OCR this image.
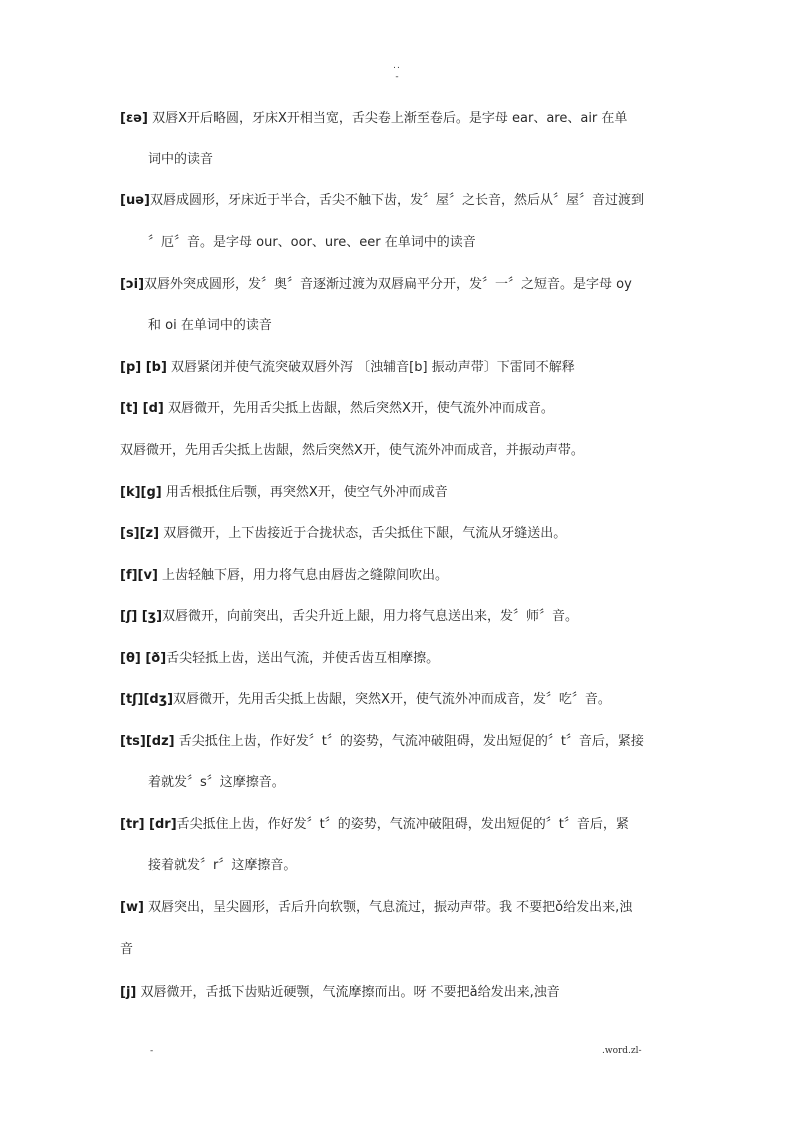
..
-
[εə] 双唇Ⅹ开后略圆，牙床Ⅹ开相当宽，舌尖卷上渐至卷后。是字母 ear、are、air 在单
词中的读音
[uə]双唇成圆形，牙床近于半合，舌尖不触下齿，发〞屋〞之长音，然后从〞屋〞音过渡到
〞厄〞音。是字母 our、oor、ure、eer 在单词中的读音
[ɔi]双唇外突成圆形，发〞奥〞音逐渐过渡为双唇扁平分开，发〞一〞之短音。是字母 oy
和 oi 在单词中的读音
[p] [b] 双唇紧闭并使气流突破双唇外泻 〔浊辅音[b] 振动声带〕下雷同不解释
[t] [d] 双唇微开，先用舌尖抵上齿龈，然后突然Ⅹ开，使气流外冲而成音。
双唇微开，先用舌尖抵上齿龈，然后突然Ⅹ开，使气流外冲而成音，并振动声带。
[k][g] 用舌根抵住后颚，再突然Ⅹ开，使空气外冲而成音
[s][z] 双唇微开，上下齿接近于合拢状态，舌尖抵住下龈，气流从牙缝送出。
[f][v] 上齿轻触下唇，用力将气息由唇齿之缝隙间吹出。
[ʃ] [ʒ]双唇微开，向前突出，舌尖升近上龈，用力将气息送出来，发〞师〞音。
[θ] [ð]舌尖轻抵上齿，送出气流，并使舌齿互相摩擦。
[tʃ][dʒ]双唇微开，先用舌尖抵上齿龈，突然Ⅹ开，使气流外冲而成音，发〞吃〞音。
[ts][dz] 舌尖抵住上齿，作好发〞t〞的姿势，气流冲破阻碍，发出短促的〞t〞音后，紧接
着就发〞s〞这摩擦音。
[tr] [dr]舌尖抵住上齿，作好发〞t〞的姿势，气流冲破阻碍，发出短促的〞t〞音后，紧
接着就发〞r〞这摩擦音。
[w] 双唇突出，呈尖圆形，舌后升向软颚，气息流过，振动声带。我 不要把ǒ给发出来,浊
音
[j] 双唇微开，舌抵下齿贴近硬颚，气流摩擦而出。呀 不要把ǎ给发出来,浊音
-	.word.zl-
